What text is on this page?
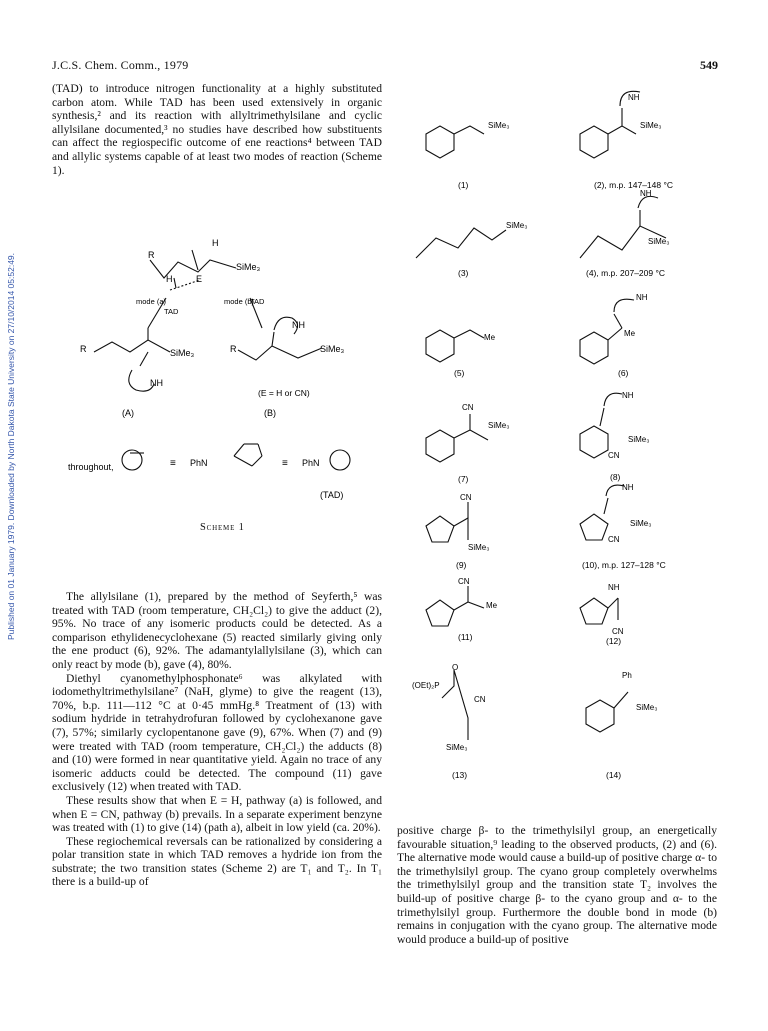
J.C.S. Chem. Comm., 1979	549
Published on 01 January 1979. Downloaded by North Dakota State University on 27/10/2014 05:52:49.

(TAD) to introduce nitrogen functionality at a highly substituted carbon atom. While TAD has been used extensively in organic synthesis,² and its reaction with allyltrimethylsilane and cyclic allylsilane documented,³ no studies have described how substituents can affect the regiospecific outcome of ene reactions⁴ between TAD and allylic systems capable of at least two modes of reaction (Scheme 1).

R
H
SiMe₃
H	E
mode (a)
TAD
mode (b)
TAD
R	SiMe₃
NH
R
NH
SiMe₃
(E = H or CN)
(A)	(B)
throughout,	≡ PhN	≡ PhN
(TAD)
Scheme 1

The allylsilane (1), prepared by the method of Seyferth,⁵ was treated with TAD (room temperature, CH₂Cl₂) to give the adduct (2), 95%. No trace of any isomeric products could be detected. As a comparison ethylidenecyclohexane (5) reacted similarly giving only the ene product (6), 92%. The adamantylallylsilane (3), which can only react by mode (b), gave (4), 80%.

Diethyl cyanomethylphosphonate⁶ was alkylated with iodomethyltrimethylsilane⁷ (NaH, glyme) to give the reagent (13), 70%, b.p. 111—112 °C at 0·45 mmHg.⁸ Treatment of (13) with sodium hydride in tetrahydrofuran followed by cyclohexanone gave (7), 57%; similarly cyclopentanone gave (9), 67%. When (7) and (9) were treated with TAD (room temperature, CH₂Cl₂) the adducts (8) and (10) were formed in near quantitative yield. Again no trace of any isomeric adducts could be detected. The compound (11) gave exclusively (12) when treated with TAD.

These results show that when E = H, pathway (a) is followed, and when E = CN, pathway (b) prevails. In a separate experiment benzyne was treated with (1) to give (14) (path a), albeit in low yield (ca. 20%).

These regiochemical reversals can be rationalized by considering a polar transition state in which TAD removes a hydride ion from the substrate; the two transition states (Scheme 2) are T₁ and T₂. In T₁ there is a build-up of

SiMe₃	SiMe₃
NH
(1)	(2), m.p. 147–148 °C
SiMe₃
SiMe₃
NH
(3)	(4), m.p. 207–209 °C
Me	Me
NH
(5)	(6)
CN
SiMe₃
NH
SiMe₃
CN
(7)	(8)
CN
SiMe₃
NH
SiMe₃
CN
(9)	(10), m.p. 127–128 °C
CN
Me
NH
CN
(11)	(12)
O
(OEt)₂P
CN
SiMe₃
Ph
SiMe₃
(13)	(14)

positive charge β- to the trimethylsilyl group, an energetically favourable situation,⁹ leading to the observed products, (2) and (6). The alternative mode would cause a build-up of positive charge α- to the trimethylsilyl group. The cyano group completely overwhelms the trimethylsilyl group and the transition state T₂ involves the build-up of positive charge β- to the cyano group and α- to the trimethylsilyl group. Furthermore the double bond in mode (b) remains in conjugation with the cyano group. The alternative mode would produce a build-up of positive
